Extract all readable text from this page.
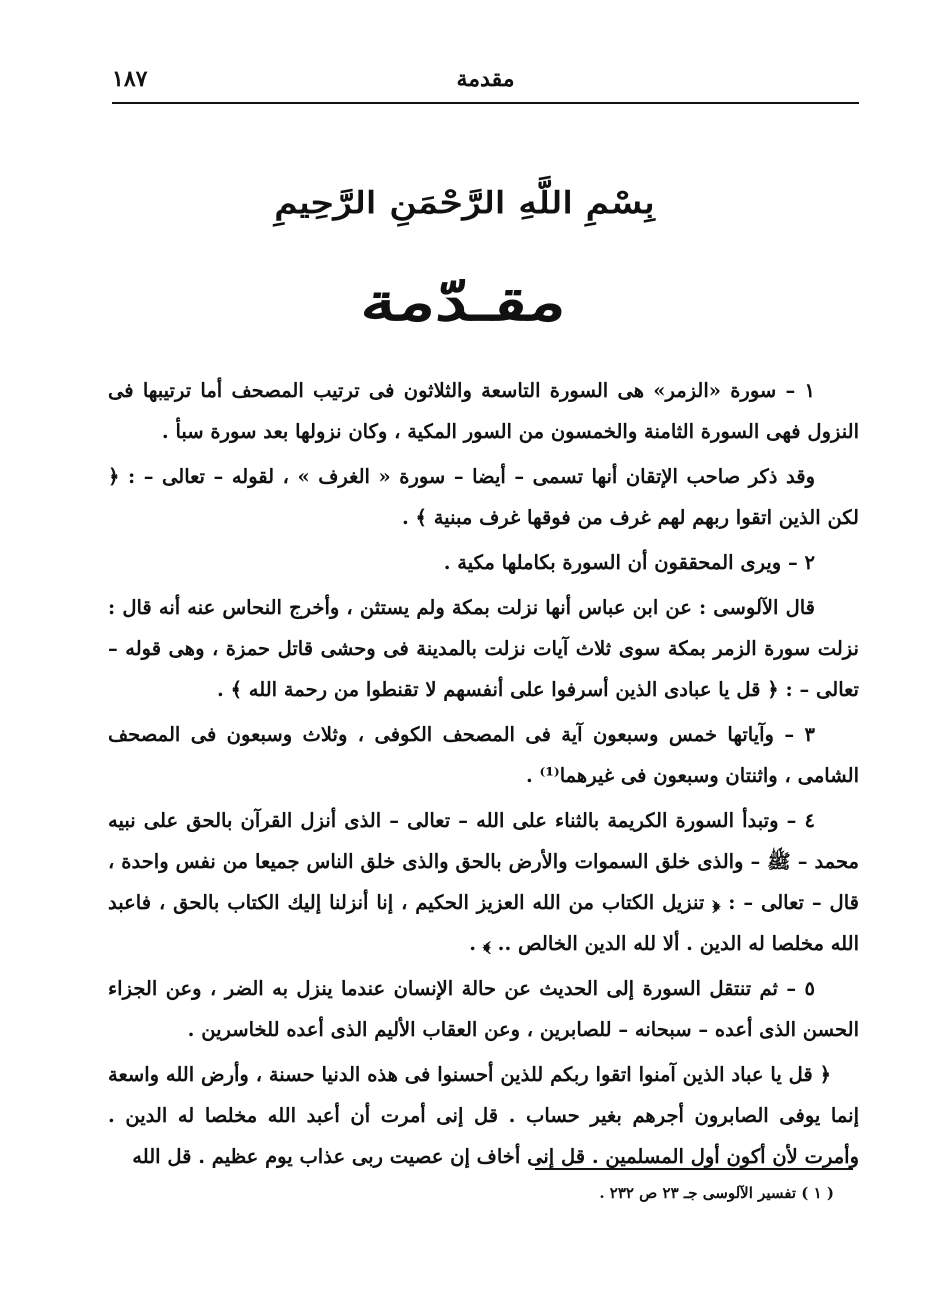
١٨٧	مقدمة
بِسْمِ اللَّهِ الرَّحْمَنِ الرَّحِيمِ
مقـدّمة

١ – سورة «الزمر» هى السورة التاسعة والثلاثون فى ترتيب المصحف أما ترتيبها فى النزول فهى السورة الثامنة والخمسون من السور المكية ، وكان نزولها بعد سورة سبأ .

وقد ذكر صاحب الإتقان أنها تسمى – أيضا – سورة « الغرف » ، لقوله – تعالى – : ﴿ لكن الذين اتقوا ربهم لهم غرف من فوقها غرف مبنية ﴾ .

٢ – ويرى المحققون أن السورة بكاملها مكية .

قال الآلوسى : عن ابن عباس أنها نزلت بمكة ولم يستثن ، وأخرج النحاس عنه أنه قال : نزلت سورة الزمر بمكة سوى ثلاث آيات نزلت بالمدينة فى وحشى قاتل حمزة ، وهى قوله – تعالى – : ﴿ قل يا عبادى الذين أسرفوا على أنفسهم لا تقنطوا من رحمة الله ﴾ .

٣ – وآياتها خمس وسبعون آية فى المصحف الكوفى ، وثلاث وسبعون فى المصحف الشامى ، واثنتان وسبعون فى غيرهما⁽¹⁾ .

٤ – وتبدأ السورة الكريمة بالثناء على الله – تعالى – الذى أنزل القرآن بالحق على نبيه محمد – ﷺ – والذى خلق السموات والأرض بالحق والذى خلق الناس جميعا من نفس واحدة ، قال – تعالى – : ﴿ تنزيل الكتاب من الله العزيز الحكيم ، إنا أنزلنا إليك الكتاب بالحق ، فاعبد الله مخلصا له الدين . ألا لله الدين الخالص .. ﴾ .

٥ – ثم تنتقل السورة إلى الحديث عن حالة الإنسان عندما ينزل به الضر ، وعن الجزاء الحسن الذى أعده – سبحانه – للصابرين ، وعن العقاب الأليم الذى أعده للخاسرين .

﴿ قل يا عباد الذين آمنوا اتقوا ربكم للذين أحسنوا فى هذه الدنيا حسنة ، وأرض الله واسعة إنما يوفى الصابرون أجرهم بغير حساب . قل إنى أمرت أن أعبد الله مخلصا له الدين . وأمرت لأن أكون أول المسلمين . قل إنى أخاف إن عصيت ربى عذاب يوم عظيم . قل الله

( ١ ) تفسير الآلوسى جـ ٢٣ ص ٢٣٢ .
